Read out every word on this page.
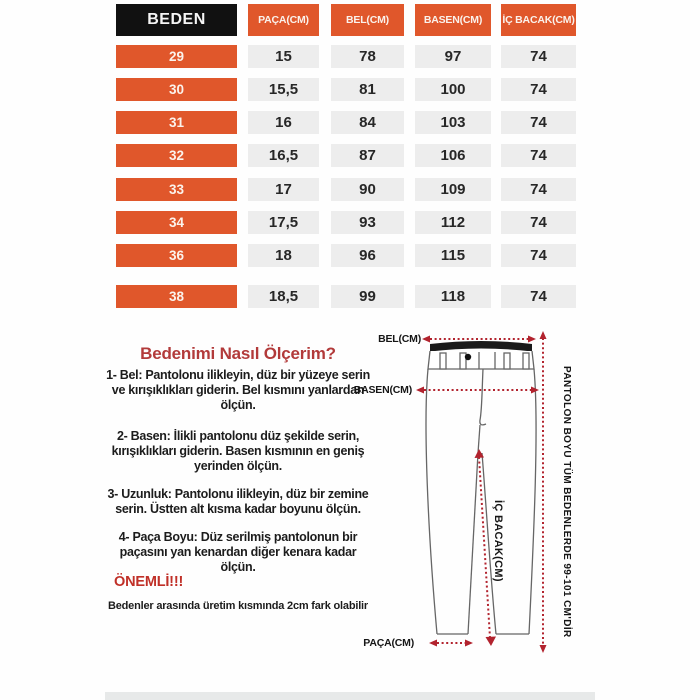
BEDEN	PAÇA(CM)	BEL(CM)	BASEN(CM)	İÇ BACAK(CM)
29	15	78	97	74
30	15,5	81	100	74
31	16	84	103	74
32	16,5	87	106	74
33	17	90	109	74
34	17,5	93	112	74
36	18	96	115	74
38	18,5	99	118	74
Bedenimi Nasıl Ölçerim?
1- Bel: Pantolonu ilikleyin, düz bir yüzeye serin ve kırışıklıkları giderin. Bel kısmını yanlardan ölçün.
2- Basen: İlikli pantolonu düz şekilde serin, kırışıklıkları giderin. Basen kısmının en geniş yerinden ölçün.
3- Uzunluk: Pantolonu ilikleyin, düz bir zemine serin. Üstten alt kısma kadar boyunu ölçün.
4- Paça Boyu: Düz serilmiş pantolonun bir paçasını yan kenardan diğer kenara kadar ölçün.
ÖNEMLİ!!!
Bedenler arasında üretim kısmında 2cm fark olabilir
BEL(CM)
BASEN(CM)
PAÇA(CM)
İÇ BACAK(CM)	PANTOLON BOYU TÜM BEDENLERDE 99-101 CM'DİR
